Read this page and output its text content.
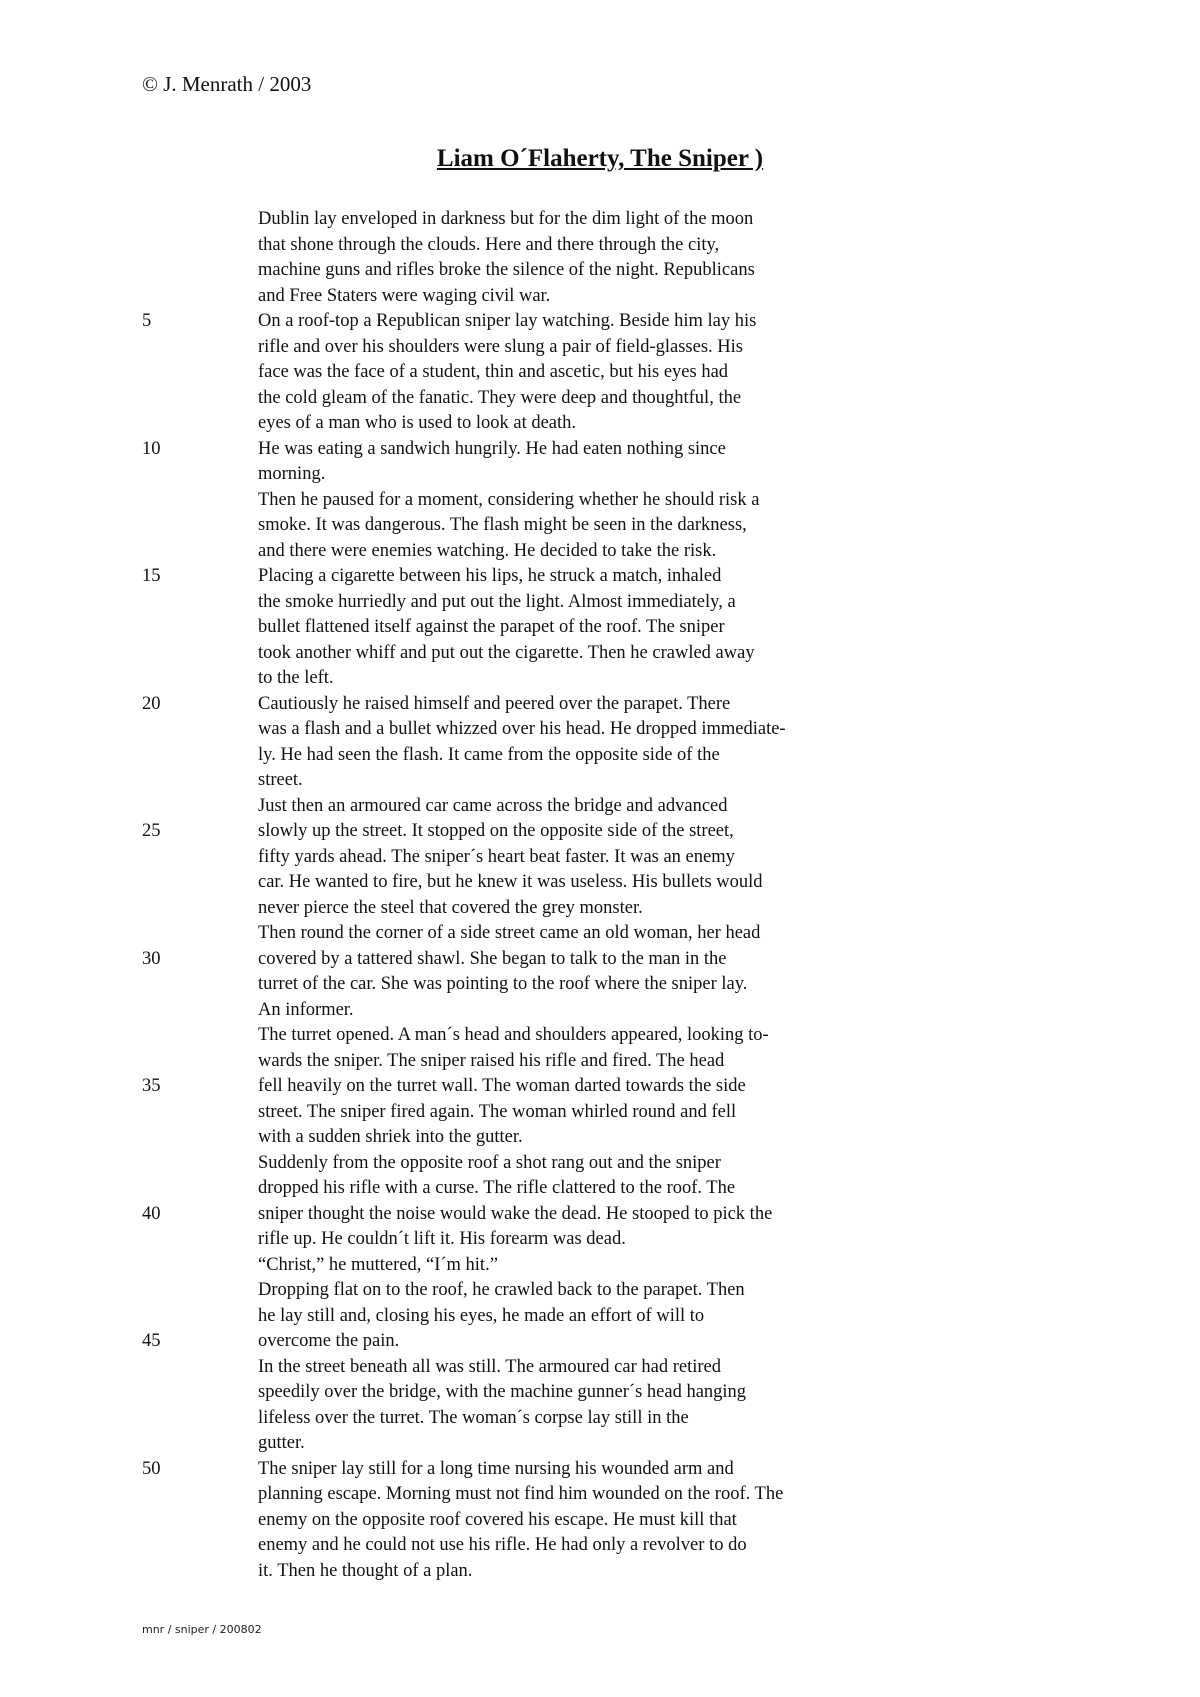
© J. Menrath / 2003
Liam O´Flaherty, The Sniper )
Dublin lay enveloped in darkness but for the dim light of the moon
that shone through the clouds. Here and there through the city,
machine guns and rifles broke the silence of the night. Republicans
and Free Staters were waging civil war.
5	On a roof-top a Republican sniper lay watching. Beside him lay his
rifle and over his shoulders were slung a pair of field-glasses. His
face was the face of a student, thin and ascetic, but his eyes had
the cold gleam of the fanatic. They were deep and thoughtful, the
eyes of a man who is used to look at death.
10	He was eating a sandwich hungrily. He had eaten nothing since
morning.
Then he paused for a moment, considering whether he should risk a
smoke. It was dangerous. The flash might be seen in the darkness,
and there were enemies watching. He decided to take the risk.
15	Placing a cigarette between his lips, he struck a match, inhaled
the smoke hurriedly and put out the light. Almost immediately, a
bullet flattened itself against the parapet of the roof. The sniper
took another whiff and put out the cigarette. Then he crawled away
to the left.
20	Cautiously he raised himself and peered over the parapet. There
was a flash and a bullet whizzed over his head. He dropped immediate-
ly. He had seen the flash. It came from the opposite side of the
street.
Just then an armoured car came across the bridge and advanced
25	slowly up the street. It stopped on the opposite side of the street,
fifty yards ahead. The sniper´s heart beat faster. It was an enemy
car. He wanted to fire, but he knew it was useless. His bullets would
never pierce the steel that covered the grey monster.
Then round the corner of a side street came an old woman, her head
30	covered by a tattered shawl. She began to talk to the man in the
turret of the car. She was pointing to the roof where the sniper lay.
An informer.
The turret opened. A man´s head and shoulders appeared, looking to-
wards the sniper. The sniper raised his rifle and fired. The head
35	fell heavily on the turret wall. The woman darted towards the side
street. The sniper fired again. The woman whirled round and fell
with a sudden shriek into the gutter.
Suddenly from the opposite roof a shot rang out and the sniper
dropped his rifle with a curse. The rifle clattered to the roof. The
40	sniper thought the noise would wake the dead. He stooped to pick the
rifle up. He couldn´t lift it. His forearm was dead.
“Christ,” he muttered, “I´m hit.”
Dropping flat on to the roof, he crawled back to the parapet. Then
he lay still and, closing his eyes, he made an effort of will to
45	overcome the pain.
In the street beneath all was still. The armoured car had retired
speedily over the bridge, with the machine gunner´s head hanging
lifeless over the turret. The woman´s corpse lay still in the
gutter.
50	The sniper lay still for a long time nursing his wounded arm and
planning escape. Morning must not find him wounded on the roof. The
enemy on the opposite roof covered his escape. He must kill that
enemy and he could not use his rifle. He had only a revolver to do
it. Then he thought of a plan.
mnr / sniper / 200802
